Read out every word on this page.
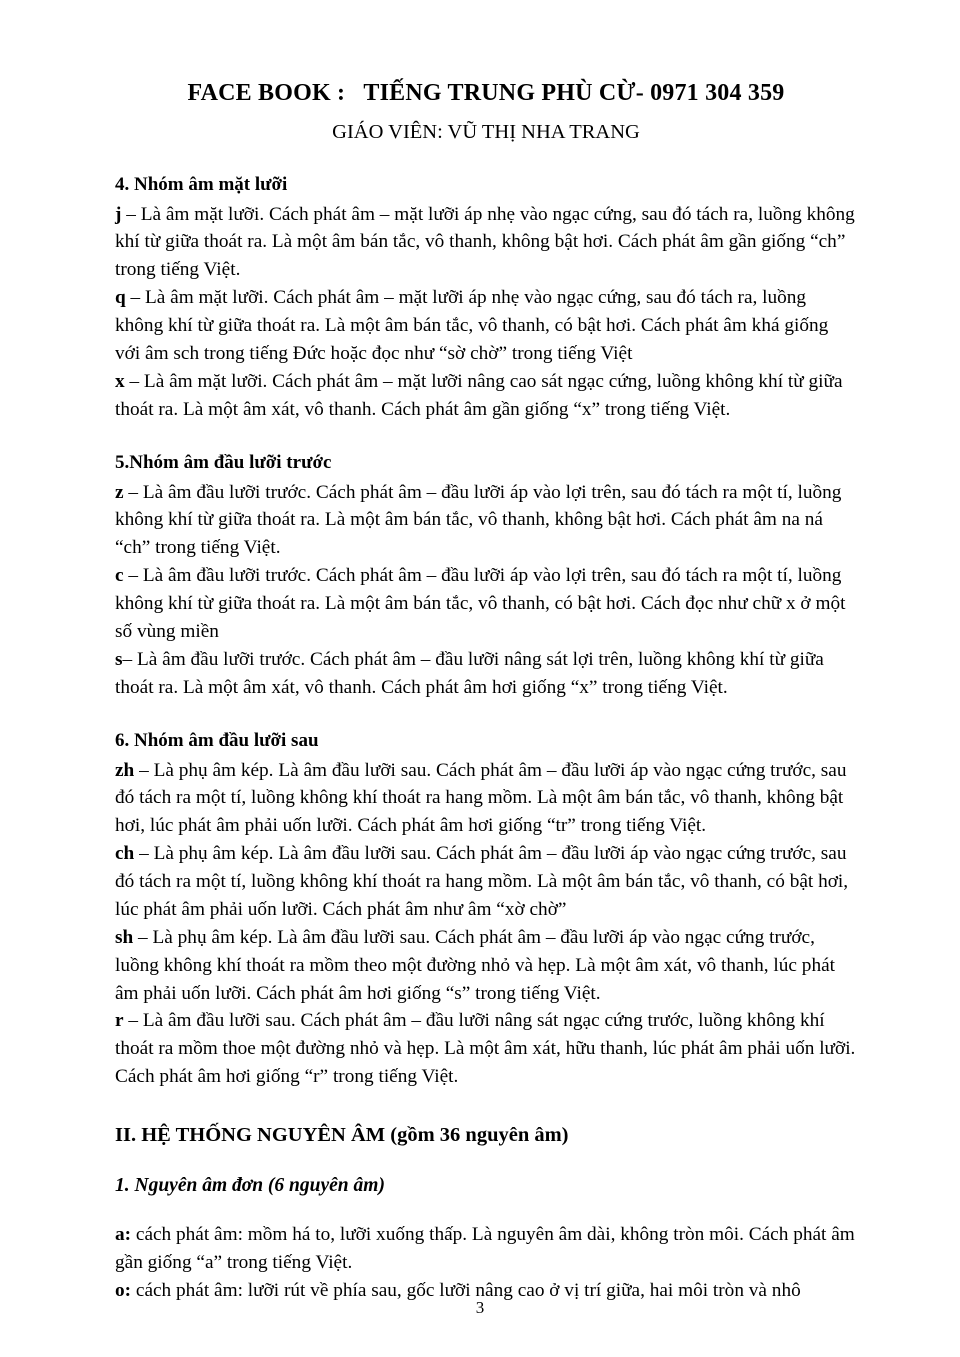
FACE BOOK :   TIẾNG TRUNG PHÙ CỪ- 0971 304 359
GIÁO VIÊN: VŨ THỊ NHA TRANG
4. Nhóm âm mặt lưỡi

j – Là âm mặt lưỡi. Cách phát âm – mặt lưỡi áp nhẹ vào ngạc cứng, sau đó tách ra, luồng không khí từ giữa thoát ra. Là một âm bán tắc, vô thanh, không bật hơi. Cách phát âm gần giống “ch” trong tiếng Việt.

q – Là âm mặt lưỡi. Cách phát âm – mặt lưỡi áp nhẹ vào ngạc cứng, sau đó tách ra, luồng không khí từ giữa thoát ra. Là một âm bán tắc, vô thanh, có bật hơi. Cách phát âm khá giống với âm sch trong tiếng Đức hoặc đọc như “sờ chờ” trong tiếng Việt

x – Là âm mặt lưỡi. Cách phát âm – mặt lưỡi nâng cao sát ngạc cứng, luồng không khí từ giữa thoát ra. Là một âm xát, vô thanh. Cách phát âm gần giống “x” trong tiếng Việt.

5.Nhóm âm đầu lưỡi trước

z – Là âm đầu lưỡi trước. Cách phát âm – đầu lưỡi áp vào lợi trên, sau đó tách ra một tí, luồng không khí từ giữa thoát ra. Là một âm bán tắc, vô thanh, không bật hơi. Cách phát âm na ná “ch” trong tiếng Việt.

c – Là âm đầu lưỡi trước. Cách phát âm – đầu lưỡi áp vào lợi trên, sau đó tách ra một tí, luồng không khí từ giữa thoát ra. Là một âm bán tắc, vô thanh, có bật hơi. Cách đọc như chữ x ở một số vùng miền

s– Là âm đầu lưỡi trước. Cách phát âm – đầu lưỡi nâng sát lợi trên, luồng không khí từ giữa thoát ra. Là một âm xát, vô thanh. Cách phát âm hơi giống “x” trong tiếng Việt.

6. Nhóm âm đầu lưỡi sau

zh – Là phụ âm kép. Là âm đầu lưỡi sau. Cách phát âm – đầu lưỡi áp vào ngạc cứng trước, sau đó tách ra một tí, luồng không khí thoát ra hang mồm. Là một âm bán tắc, vô thanh, không bật hơi, lúc phát âm phải uốn lưỡi. Cách phát âm hơi giống “tr” trong tiếng Việt.

ch – Là phụ âm kép. Là âm đầu lưỡi sau. Cách phát âm – đầu lưỡi áp vào ngạc cứng trước, sau đó tách ra một tí, luồng không khí thoát ra hang mồm. Là một âm bán tắc, vô thanh, có bật hơi, lúc phát âm phải uốn lưỡi. Cách phát âm như âm “xờ chờ”

sh – Là phụ âm kép. Là âm đầu lưỡi sau. Cách phát âm – đầu lưỡi áp vào ngạc cứng trước, luồng không khí thoát ra mồm theo một đường nhỏ và hẹp. Là một âm xát, vô thanh, lúc phát âm phải uốn lưỡi. Cách phát âm hơi giống “s” trong tiếng Việt.

r – Là âm đầu lưỡi sau. Cách phát âm – đầu lưỡi nâng sát ngạc cứng trước, luồng không khí thoát ra mồm thoe một đường nhỏ và hẹp. Là một âm xát, hữu thanh, lúc phát âm phải uốn lưỡi. Cách phát âm hơi giống “r” trong tiếng Việt.

II. HỆ THỐNG NGUYÊN ÂM (gồm 36 nguyên âm)
1. Nguyên âm đơn (6 nguyên âm)

a: cách phát âm: mồm há to, lưỡi xuống thấp. Là nguyên âm dài, không tròn môi. Cách phát âm gần giống “a” trong tiếng Việt.

o: cách phát âm: lưỡi rút về phía sau, gốc lưỡi nâng cao ở vị trí giữa, hai môi tròn và nhô

3
